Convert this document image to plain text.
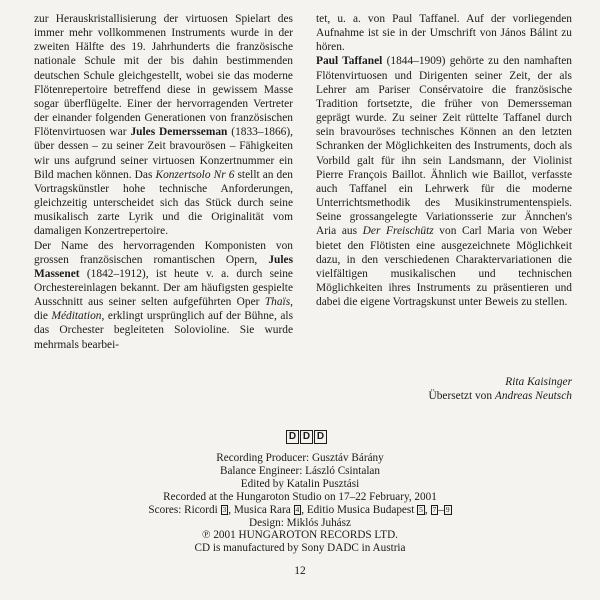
zur Herauskristallisierung der virtuosen Spielart des immer mehr vollkommenen Instruments wurde in der zweiten Hälfte des 19. Jahrhunderts die französische nationale Schule mit der bis dahin bestimmenden deutschen Schule gleichgestellt, wobei sie das moderne Flötenrepertoire betreffend diese in gewissem Masse sogar überflügelte. Einer der hervorragenden Vertreter der einander folgenden Generationen von französischen Flötenvirtuosen war Jules Demersseman (1833–1866), über dessen – zu seiner Zeit bravourösen – Fähigkeiten wir uns aufgrund seiner virtuosen Konzertnummer ein Bild machen können. Das Konzertsolo Nr 6 stellt an den Vortragskünstler hohe technische Anforderungen, gleichzeitig unterscheidet sich das Stück durch seine musikalisch zarte Lyrik und die Originalität vom damaligen Konzertrepertoire.

Der Name des hervorragenden Komponisten von grossen französischen romantischen Opern, Jules Massenet (1842–1912), ist heute v. a. durch seine Orchestereinlagen bekannt. Der am häufigsten gespielte Ausschnitt aus seiner selten aufgeführten Oper Thaïs, die Méditation, erklingt ursprünglich auf der Bühne, als das Orchester begleiteten Solovioline. Sie wurde mehrmals bearbei-

tet, u. a. von Paul Taffanel. Auf der vorliegenden Aufnahme ist sie in der Umschrift von János Bálint zu hören.

Paul Taffanel (1844–1909) gehörte zu den namhaften Flötenvirtuosen und Dirigenten seiner Zeit, der als Lehrer am Pariser Consérvatoire die französische Tradition fortsetzte, die früher von Demersseman geprägt wurde. Zu seiner Zeit rüttelte Taffanel durch sein bravouröses technisches Können an den letzten Schranken der Möglichkeiten des Instruments, doch als Vorbild galt für ihn sein Landsmann, der Violinist Pierre François Baillot. Ähnlich wie Baillot, verfasste auch Taffanel ein Lehrwerk für die moderne Unterrichtsmethodik des Musikinstrumentenspiels. Seine grossangelegte Variationsserie zur Ännchen's Aria aus Der Freischütz von Carl Maria von Weber bietet den Flötisten eine ausgezeichnete Möglichkeit dazu, in den verschiedenen Charaktervariationen die vielfältigen musikalischen und technischen Möglichkeiten ihres Instruments zu präsentieren und dabei die eigene Vortragskunst unter Beweis zu stellen.

Rita Kaisinger
Übersetzt von Andreas Neutsch
D D D
Recording Producer: Gusztáv Bárány
Balance Engineer: László Csintalan
Edited by Katalin Pusztási
Recorded at the Hungaroton Studio on 17–22 February, 2001
Scores: Ricordi 3 , Musica Rara 4 , Editio Musica Budapest 5 , 7 – 9
Design: Miklós Juhász
℗ 2001 HUNGAROTON RECORDS LTD.
CD is manufactured by Sony DADC in Austria
12
